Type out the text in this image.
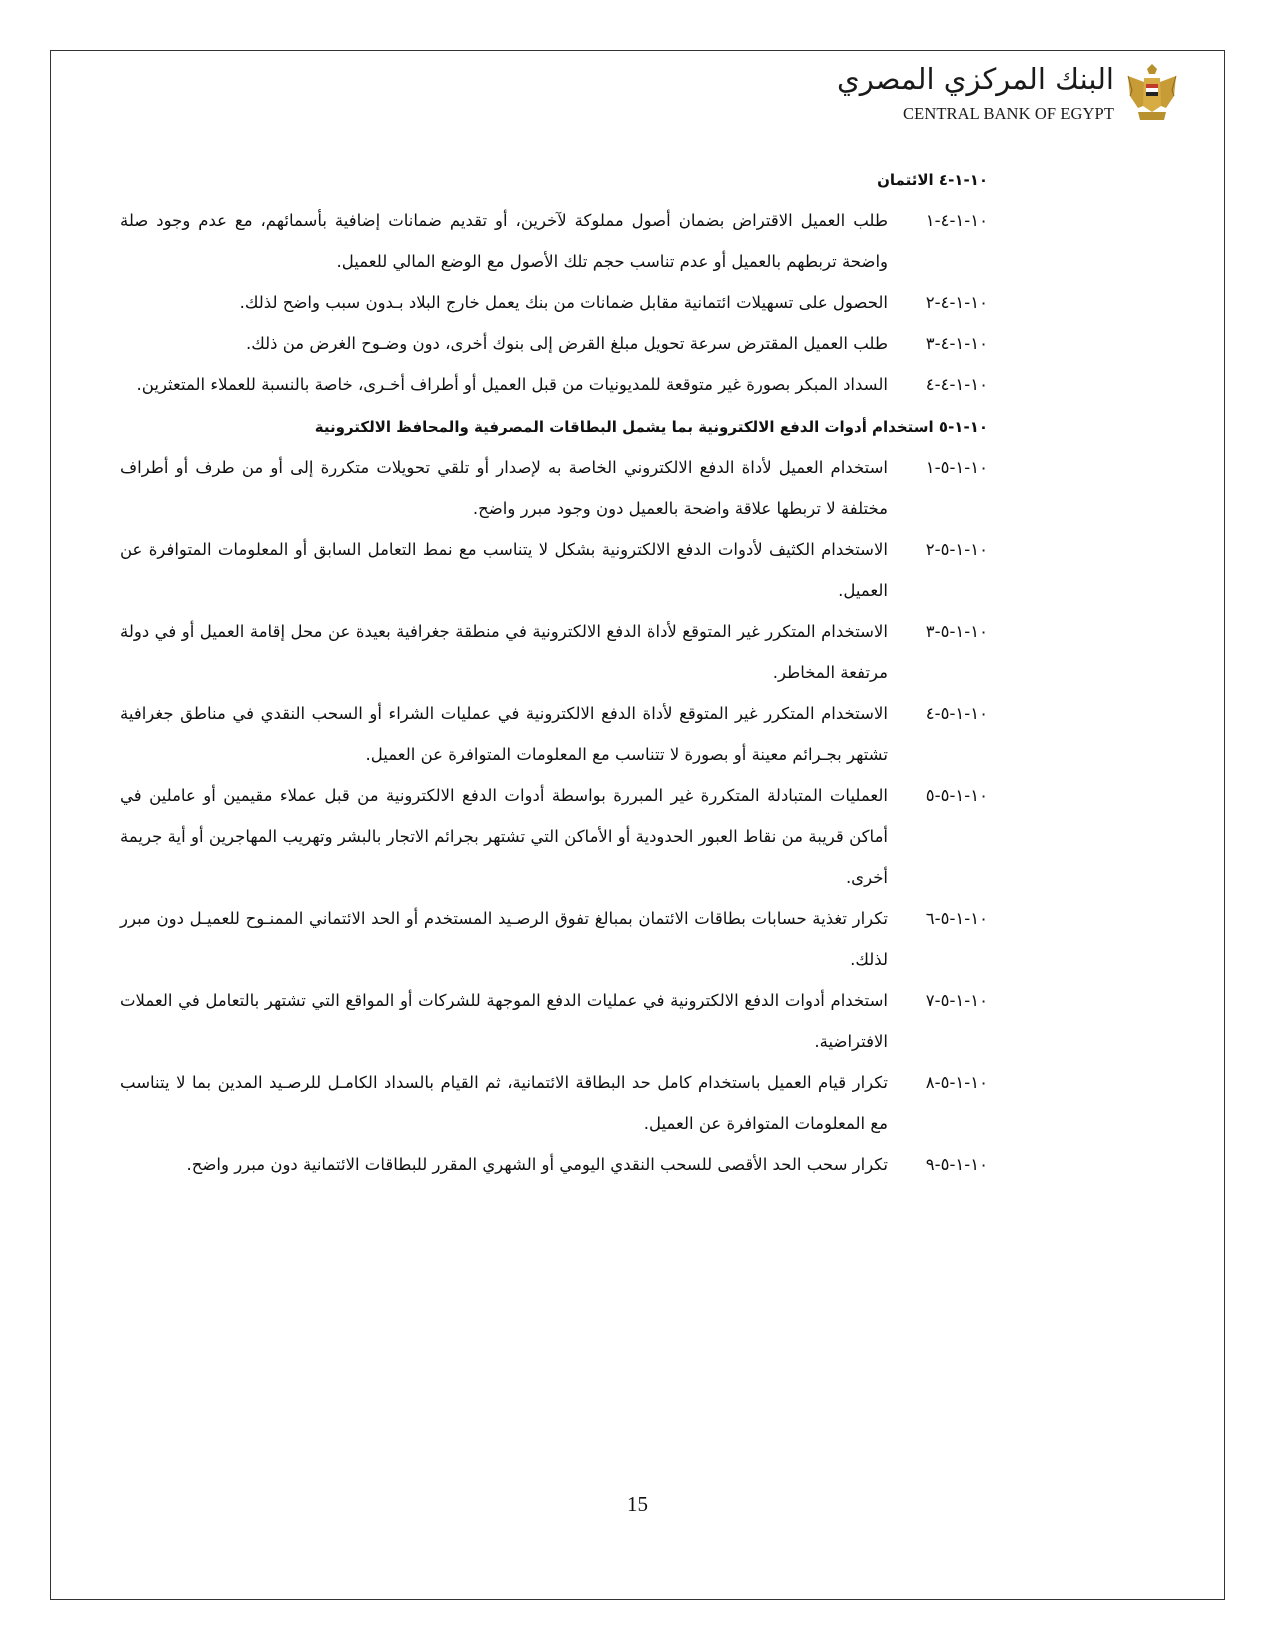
البنك المركزي المصري
CENTRAL BANK OF EGYPT
١٠-١-٤ الائتمان
١٠-١-٤-١
طلب العميل الاقتراض بضمان أصول مملوكة لآخرين، أو تقديم ضمانات إضافية بأسمائهم، مع عدم وجود صلة واضحة تربطهم بالعميل أو عدم تناسب حجم تلك الأصول مع الوضع المالي للعميل.
١٠-١-٤-٢
الحصول على تسهيلات ائتمانية مقابل ضمانات من بنك يعمل خارج البلاد بـدون سبب واضح لذلك.
١٠-١-٤-٣
طلب العميل المقترض سرعة تحويل مبلغ القرض إلى بنوك أخرى، دون وضـوح الغرض من ذلك.
١٠-١-٤-٤
السداد المبكر بصورة غير متوقعة للمديونيات من قبل العميل أو أطراف أخـرى، خاصة بالنسبة للعملاء المتعثرين.
١٠-١-٥ استخدام أدوات الدفع الالكترونية بما يشمل البطاقات المصرفية والمحافظ الالكترونية
١٠-١-٥-١
استخدام العميل لأداة الدفع الالكتروني الخاصة به لإصدار أو تلقي تحويلات متكررة إلى أو من طرف أو أطراف مختلفة لا تربطها علاقة واضحة بالعميل دون وجود مبرر واضح.
١٠-١-٥-٢
الاستخدام الكثيف لأدوات الدفع الالكترونية بشكل لا يتناسب مع نمط التعامل السابق أو المعلومات المتوافرة عن العميل.
١٠-١-٥-٣
الاستخدام المتكرر غير المتوقع لأداة الدفع الالكترونية في منطقة جغرافية بعيدة عن محل إقامة العميل أو في دولة مرتفعة المخاطر.
١٠-١-٥-٤
الاستخدام المتكرر غير المتوقع لأداة الدفع الالكترونية في عمليات الشراء أو السحب النقدي في مناطق جغرافية تشتهر بجـرائم معينة أو بصورة لا تتناسب مع المعلومات المتوافرة عن العميل.
١٠-١-٥-٥
العمليات المتبادلة المتكررة غير المبررة بواسطة أدوات الدفع الالكترونية من قبل عملاء مقيمين أو عاملين في أماكن قريبة من نقاط العبور الحدودية أو الأماكن التي تشتهر بجرائم الاتجار بالبشر وتهريب المهاجرين أو أية جريمة أخرى.
١٠-١-٥-٦
تكرار تغذية حسابات بطاقات الائتمان بمبالغ تفوق الرصـيد المستخدم أو الحد الائتماني الممنـوح للعميـل دون مبرر لذلك.
١٠-١-٥-٧
استخدام أدوات الدفع الالكترونية في عمليات الدفع الموجهة للشركات أو المواقع التي تشتهر بالتعامل في العملات الافتراضية.
١٠-١-٥-٨
تكرار قيام العميل باستخدام كامل حد البطاقة الائتمانية، ثم القيام بالسداد الكامـل للرصـيد المدين بما لا يتناسب مع المعلومات المتوافرة عن العميل.
١٠-١-٥-٩
تكرار سحب الحد الأقصى للسحب النقدي اليومي أو الشهري المقرر للبطاقات الائتمانية دون مبرر واضح.
15
